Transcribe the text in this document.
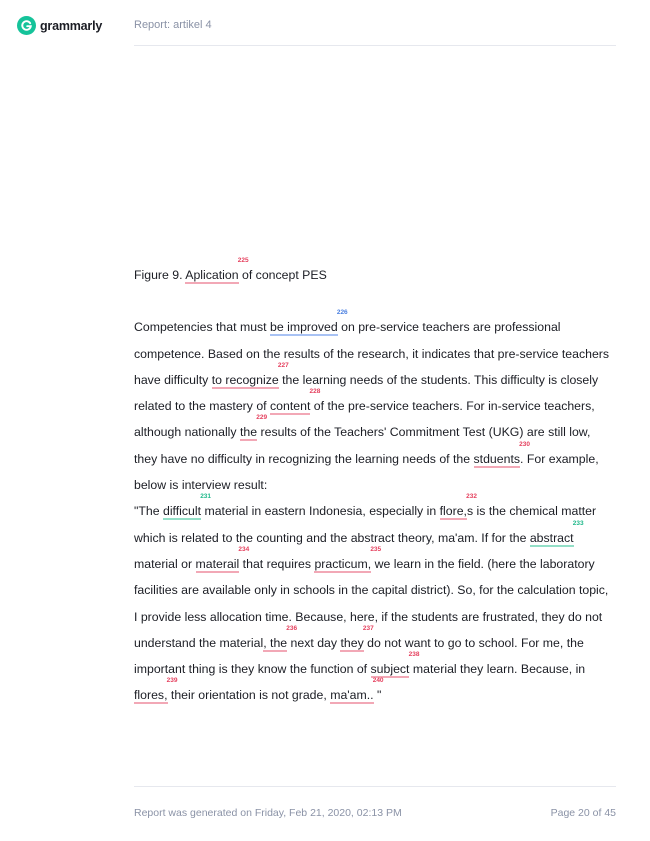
grammarly	Report: artikel 4

Figure 9. Aplication
225
of concept PES

Competencies that must be improved
226
on pre-service teachers are professional competence. Based on the results of the research, it indicates that pre-service teachers have difficulty to recognize
227
the learning needs of the students. This difficulty is closely related to the mastery of content
228
of the pre-service teachers. For in-service teachers, although nationally the
229
results of the Teachers' Commitment Test (UKG) are still low, they have no difficulty in recognizing the learning needs of the stduents
230
. For example, below is interview result:

"The difficult
231
material in eastern Indonesia, especially in flore,
232
s is the chemical matter which is related to the counting and the abstract theory, ma'am. If for the abstract
233
material or materail
234
that requires practicum,
235
we learn in the field. (here the laboratory facilities are available only in schools in the capital district). So, for the calculation topic, I provide less allocation time. Because, here, if the students are frustrated, they do not understand the material, the
236
next day they
237
do not want to go to school. For me, the important thing is they know the function of subject
238
material they learn. Because, in flores,
239
their orientation is not grade, ma'am..
240
"

Report was generated on Friday, Feb 21, 2020, 02:13 PM	Page 20 of 45
